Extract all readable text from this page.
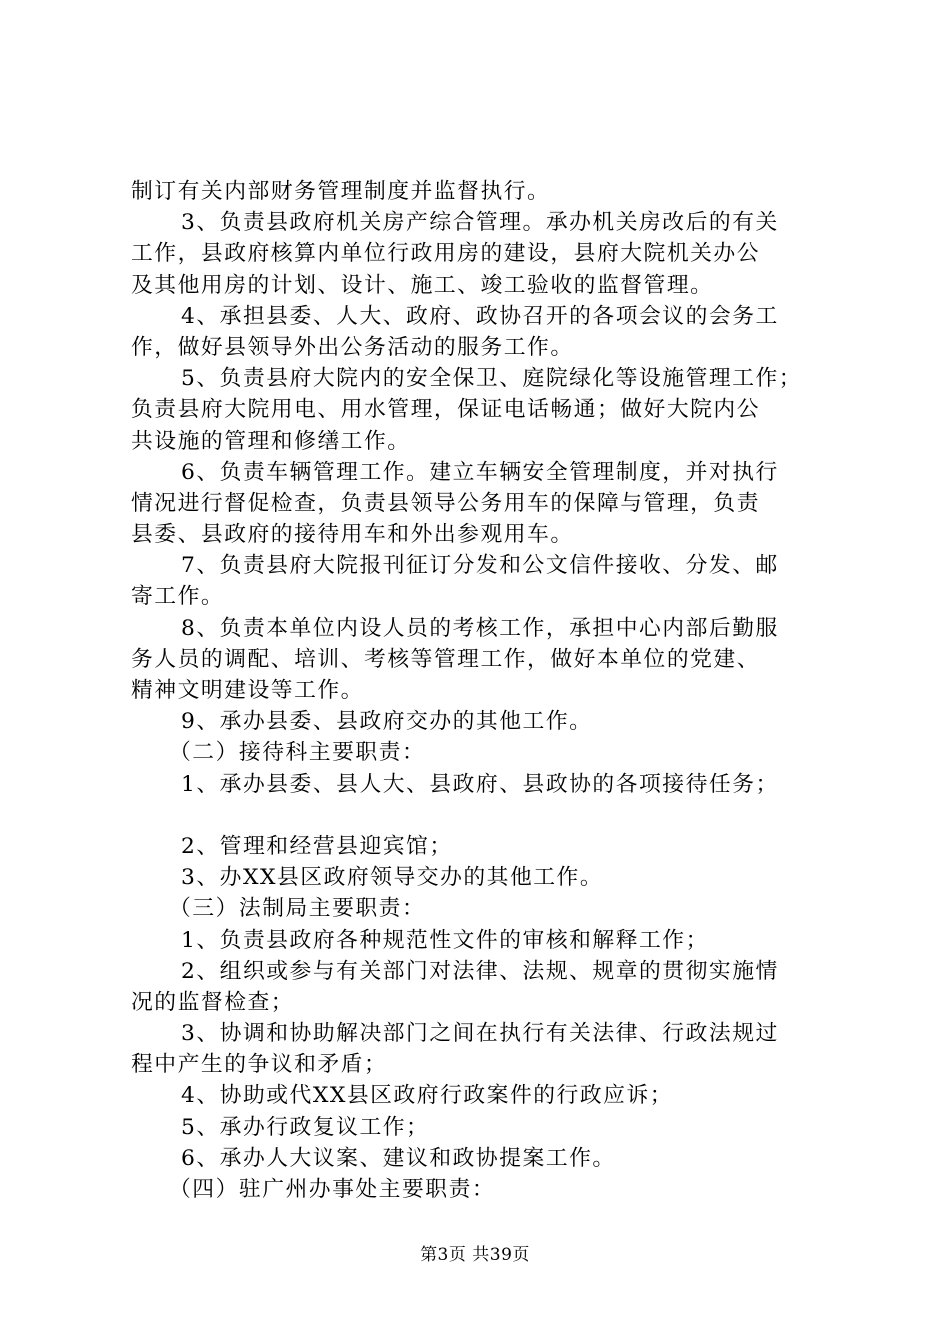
制订有关内部财务管理制度并监督执行。
3、负责县政府机关房产综合管理。承办机关房改后的有关
工作，县政府核算内单位行政用房的建设，县府大院机关办公
及其他用房的计划、设计、施工、竣工验收的监督管理。
4、承担县委、人大、政府、政协召开的各项会议的会务工
作，做好县领导外出公务活动的服务工作。
5、负责县府大院内的安全保卫、庭院绿化等设施管理工作；
负责县府大院用电、用水管理，保证电话畅通；做好大院内公
共设施的管理和修缮工作。
6、负责车辆管理工作。建立车辆安全管理制度，并对执行
情况进行督促检查，负责县领导公务用车的保障与管理，负责
县委、县政府的接待用车和外出参观用车。
7、负责县府大院报刊征订分发和公文信件接收、分发、邮
寄工作。
8、负责本单位内设人员的考核工作，承担中心内部后勤服
务人员的调配、培训、考核等管理工作，做好本单位的党建、
精神文明建设等工作。
9、承办县委、县政府交办的其他工作。
（二）接待科主要职责：
1、承办县委、县人大、县政府、县政协的各项接待任务；
2、管理和经营县迎宾馆；
3、办XX县区政府领导交办的其他工作。
（三）法制局主要职责：
1、负责县政府各种规范性文件的审核和解释工作；
2、组织或参与有关部门对法律、法规、规章的贯彻实施情
况的监督检查；
3、协调和协助解决部门之间在执行有关法律、行政法规过
程中产生的争议和矛盾；
4、协助或代XX县区政府行政案件的行政应诉；
5、承办行政复议工作；
6、承办人大议案、建议和政协提案工作。
（四）驻广州办事处主要职责：
第3页 共39页
